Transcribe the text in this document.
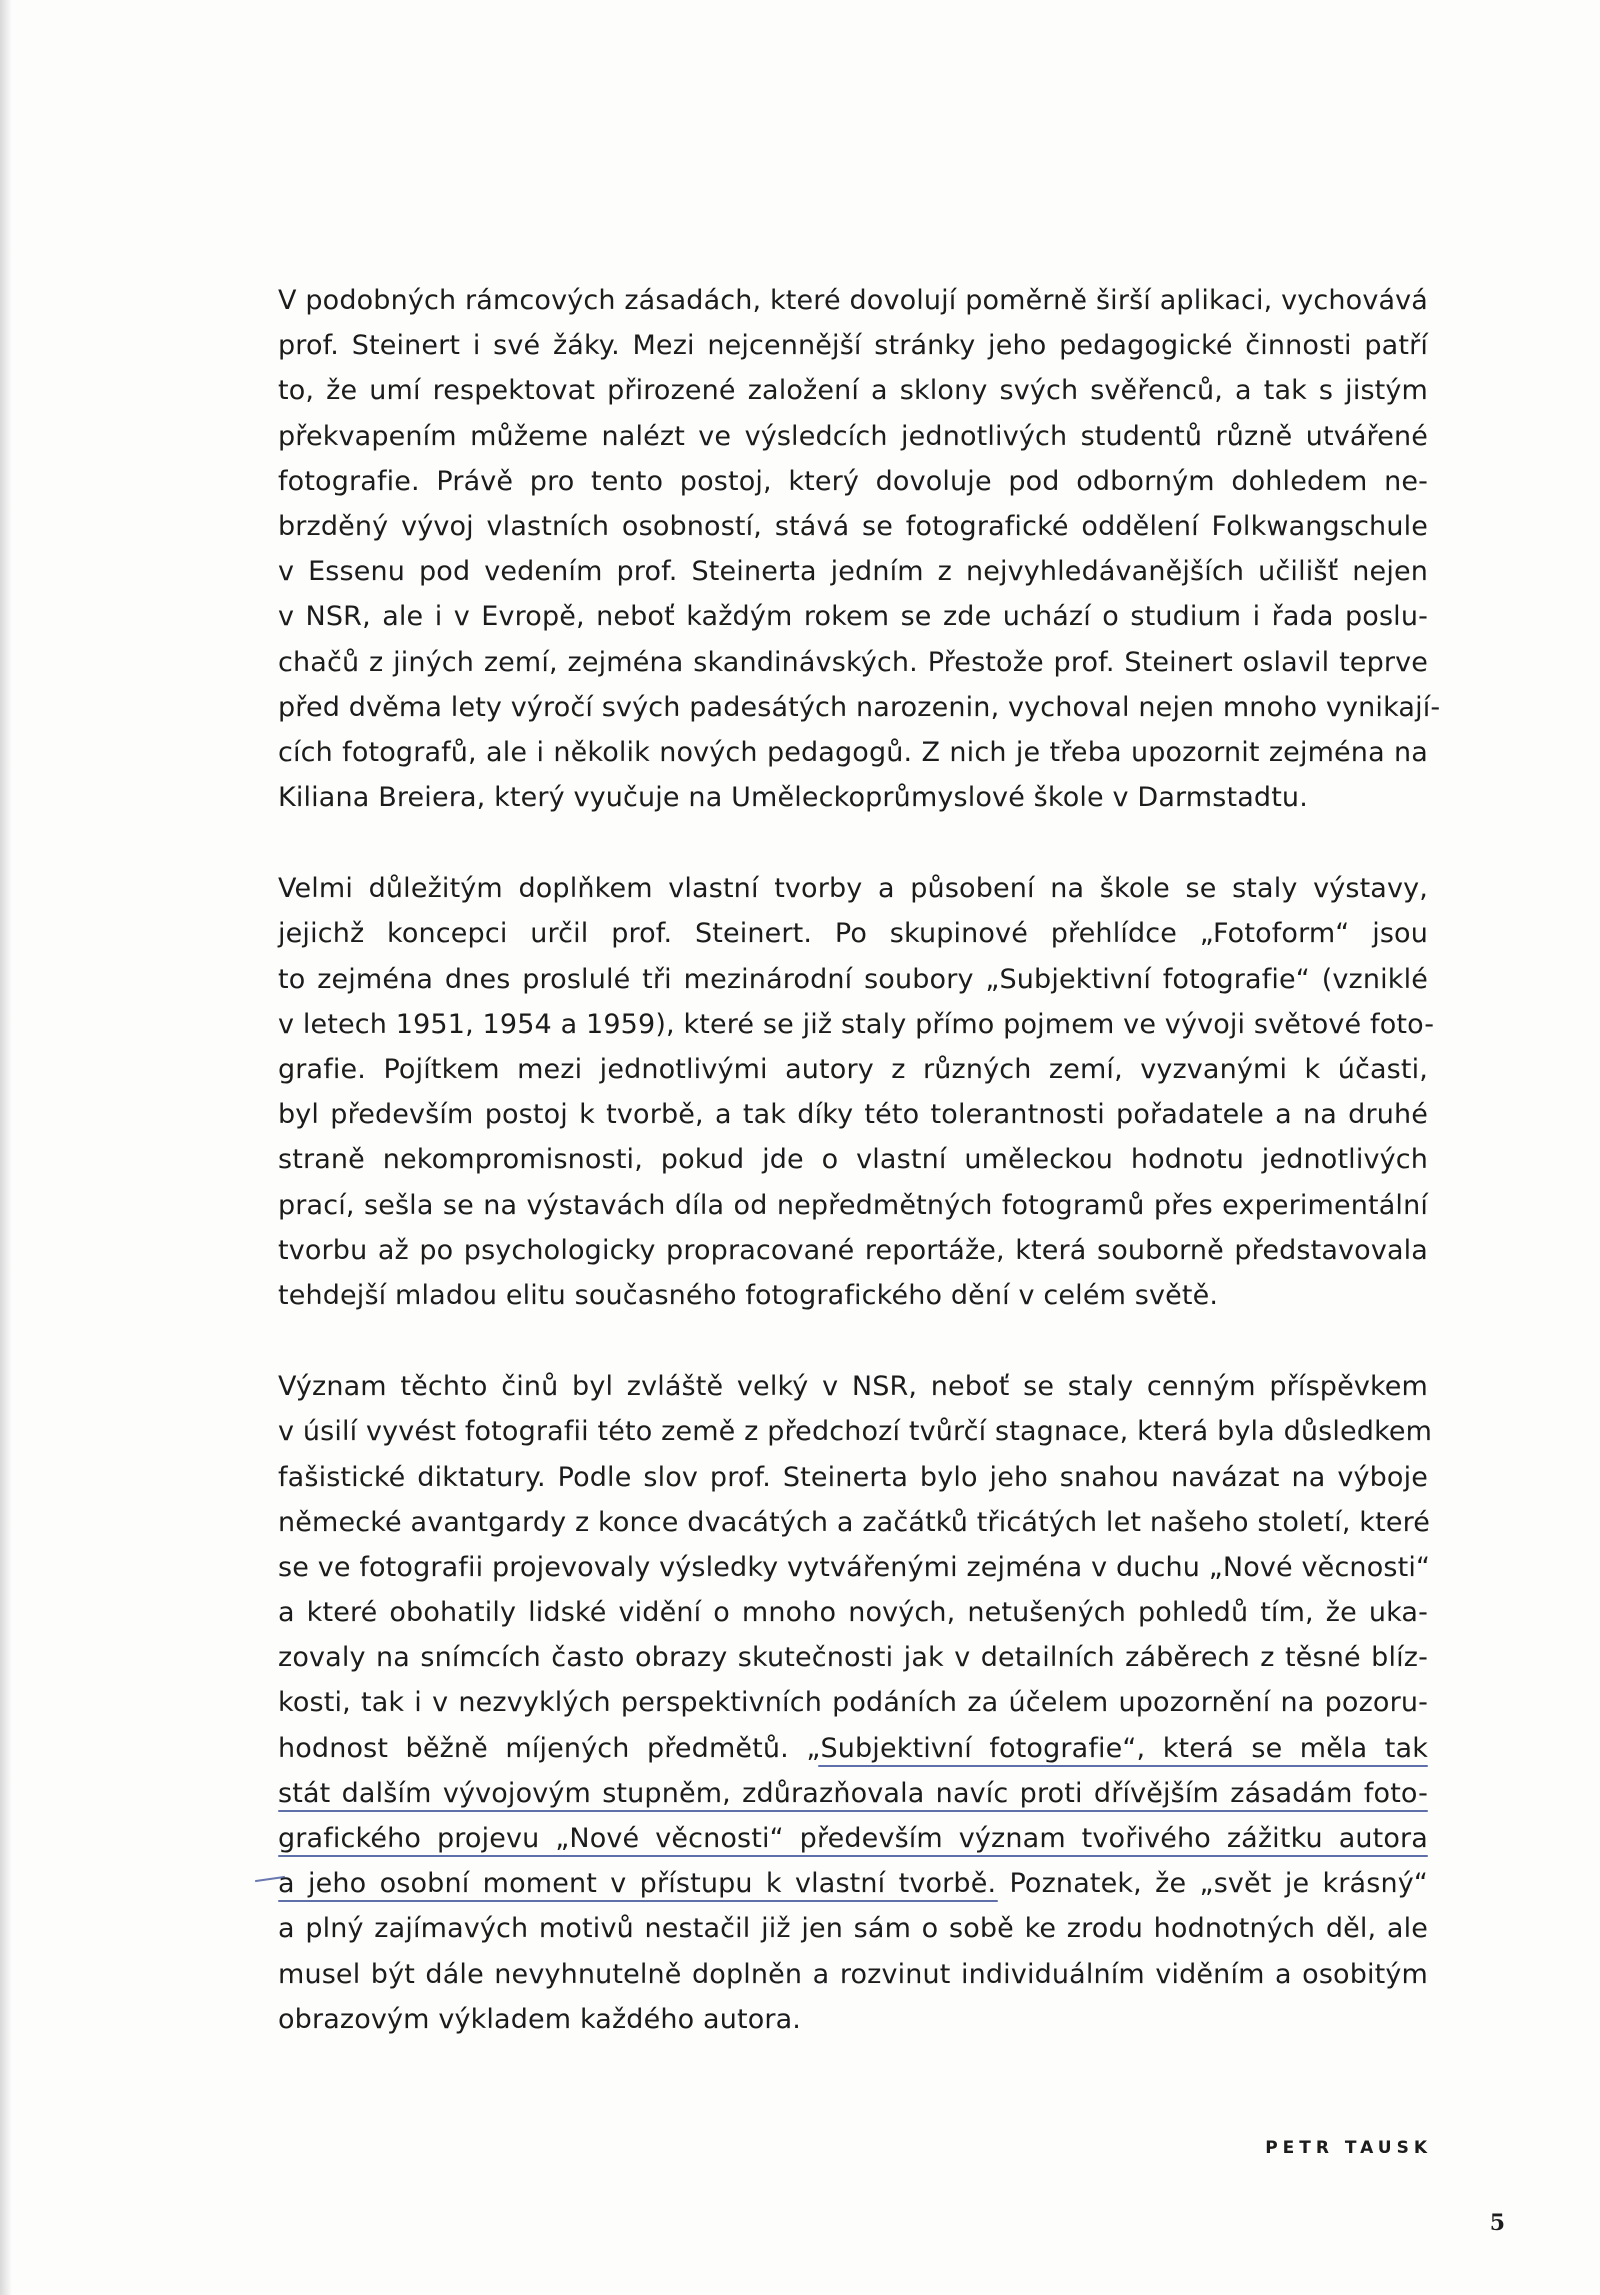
V podobných rámcových zásadách, které dovolují poměrně širší aplikaci, vychovává
prof. Steinert i své žáky. Mezi nejcennější stránky jeho pedagogické činnosti patří
to, že umí respektovat přirozené založení a sklony svých svěřenců, a tak s jistým
překvapením můžeme nalézt ve výsledcích jednotlivých studentů různě utvářené
fotografie. Právě pro tento postoj, který dovoluje pod odborným dohledem ne-
brzděný vývoj vlastních osobností, stává se fotografické oddělení Folkwangschule
v Essenu pod vedením prof. Steinerta jedním z nejvyhledávanějších učilišť nejen
v NSR, ale i v Evropě, neboť každým rokem se zde uchází o studium i řada poslu-
chačů z jiných zemí, zejména skandinávských. Přestože prof. Steinert oslavil teprve
před dvěma lety výročí svých padesátých narozenin, vychoval nejen mnoho vynikají-
cích fotografů, ale i několik nových pedagogů. Z nich je třeba upozornit zejména na
Kiliana Breiera, který vyučuje na Uměleckoprůmyslové škole v Darmstadtu.
Velmi důležitým doplňkem vlastní tvorby a působení na škole se staly výstavy,
jejichž koncepci určil prof. Steinert. Po skupinové přehlídce „Fotoform“ jsou
to zejména dnes proslulé tři mezinárodní soubory „Subjektivní fotografie“ (vzniklé
v letech 1951, 1954 a 1959), které se již staly přímo pojmem ve vývoji světové foto-
grafie. Pojítkem mezi jednotlivými autory z různých zemí, vyzvanými k účasti,
byl především postoj k tvorbě, a tak díky této tolerantnosti pořadatele a na druhé
straně nekompromisnosti, pokud jde o vlastní uměleckou hodnotu jednotlivých
prací, sešla se na výstavách díla od nepředmětných fotogramů přes experimentální
tvorbu až po psychologicky propracované reportáže, která souborně představovala
tehdejší mladou elitu současného fotografického dění v celém světě.
Význam těchto činů byl zvláště velký v NSR, neboť se staly cenným příspěvkem
v úsilí vyvést fotografii této země z předchozí tvůrčí stagnace, která byla důsledkem
fašistické diktatury. Podle slov prof. Steinerta bylo jeho snahou navázat na výboje
německé avantgardy z konce dvacátých a začátků třicátých let našeho století, které
se ve fotografii projevovaly výsledky vytvářenými zejména v duchu „Nové věcnosti“
a které obohatily lidské vidění o mnoho nových, netušených pohledů tím, že uka-
zovaly na snímcích často obrazy skutečnosti jak v detailních záběrech z těsné blíz-
kosti, tak i v nezvyklých perspektivních podáních za účelem upozornění na pozoru-
hodnost běžně míjených předmětů. „Subjektivní fotografie“, která se měla tak
stát dalším vývojovým stupněm, zdůrazňovala navíc proti dřívějším zásadám foto-
grafického projevu „Nové věcnosti“ především význam tvořivého zážitku autora
a jeho osobní moment v přístupu k vlastní tvorbě. Poznatek, že „svět je krásný“
a plný zajímavých motivů nestačil již jen sám o sobě ke zrodu hodnotných děl, ale
musel být dále nevyhnutelně doplněn a rozvinut individuálním viděním a osobitým
obrazovým výkladem každého autora.
PETR TAUSK
5
